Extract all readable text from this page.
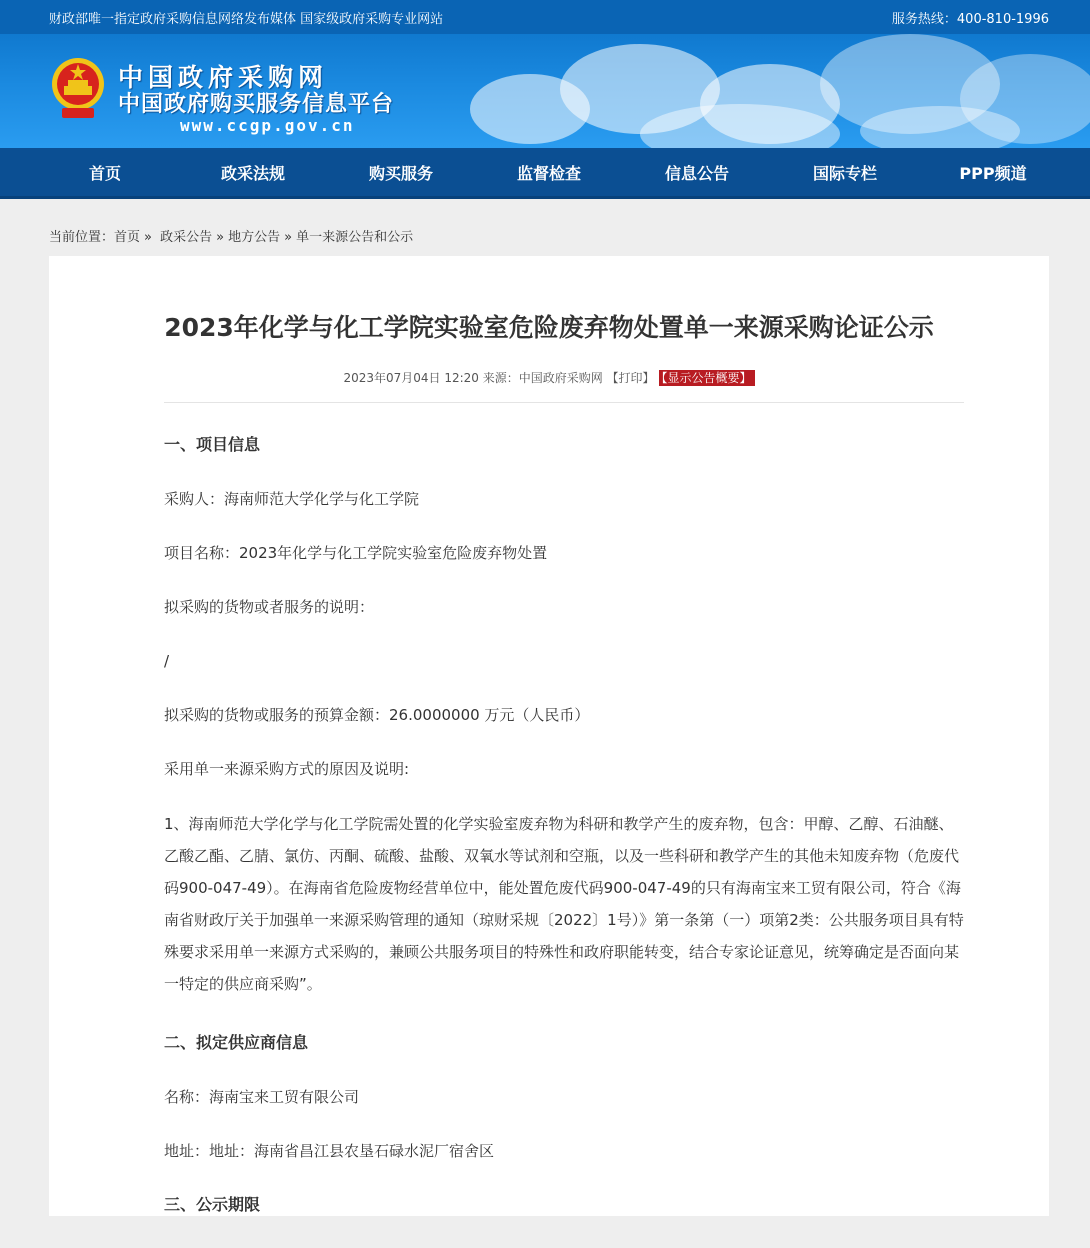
财政部唯一指定政府采购信息网络发布媒体 国家级政府采购专业网站	服务热线：400-810-1996
中国政府采购网
中国政府购买服务信息平台
www.ccgp.gov.cn
首页	政采法规	购买服务	监督检查	信息公告	国际专栏	PPP频道
当前位置：首页 » 政采公告 » 地方公告 » 单一来源公告和公示
2023年化学与化工学院实验室危险废弃物处置单一来源采购论证公示
2023年07月04日 12:20 来源：中国政府采购网 【打印】 【显示公告概要】

一、项目信息

采购人：海南师范大学化学与化工学院

项目名称：2023年化学与化工学院实验室危险废弃物处置

拟采购的货物或者服务的说明：

/

拟采购的货物或服务的预算金额：26.0000000 万元（人民币）

采用单一来源采购方式的原因及说明:

1、海南师范大学化学与化工学院需处置的化学实验室废弃物为科研和教学产生的废弃物，包含：甲醇、乙醇、石油醚、乙酸乙酯、乙腈、氯仿、丙酮、硫酸、盐酸、双氧水等试剂和空瓶，以及一些科研和教学产生的其他未知废弃物（危废代码900-047-49）。在海南省危险废物经营单位中，能处置危废代码900-047-49的只有海南宝来工贸有限公司，符合《海南省财政厅关于加强单一来源采购管理的通知（琼财采规〔2022〕1号）》第一条第（一）项第2类：公共服务项目具有特殊要求采用单一来源方式采购的，兼顾公共服务项目的特殊性和政府职能转变，结合专家论证意见，统筹确定是否面向某一特定的供应商采购”。

二、拟定供应商信息

名称：海南宝来工贸有限公司

地址：地址：海南省昌江县农垦石碌水泥厂宿舍区

三、公示期限
